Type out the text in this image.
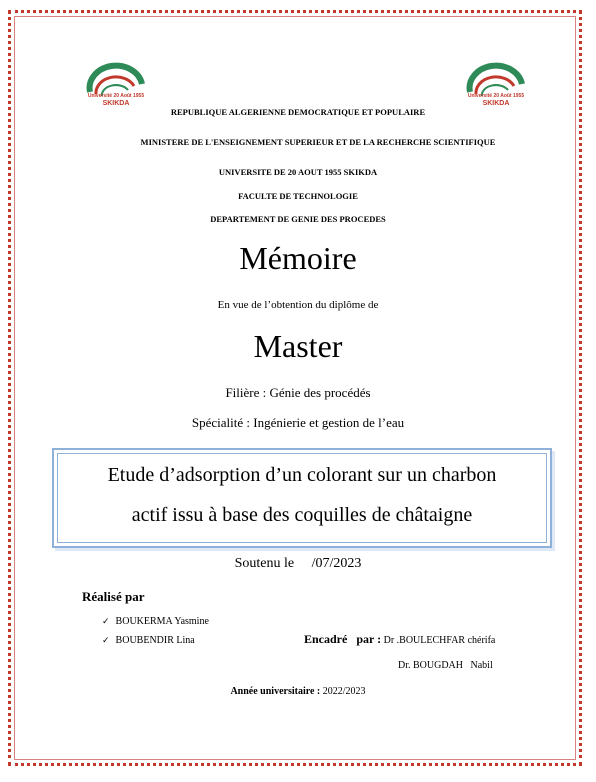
Université 20 Août 1955
SKIKDA
Université 20 Août 1955
SKIKDA
REPUBLIQUE ALGERIENNE DEMOCRATIQUE ET POPULAIRE
MINISTERE DE L'ENSEIGNEMENT SUPERIEUR ET DE LA RECHERCHE SCIENTIFIQUE
UNIVERSITE DE 20 AOUT 1955 SKIKDA
FACULTE DE TECHNOLOGIE
DEPARTEMENT DE GENIE DES PROCEDES
Mémoire
En vue de l’obtention du diplôme de
Master
Filière : Génie des procédés
Spécialité : Ingénierie et gestion de l’eau
Etude d’adsorption d’un colorant sur un charbon
actif issu à base des coquilles de châtaigne
Soutenu le     /07/2023
Réalisé par
✓ BOUKERMA Yasmine
✓ BOUBENDIR Lina	Encadré   par : Dr .BOULECHFAR chérifa
Dr. BOUGDAH   Nabil
Année universitaire : 2022/2023
